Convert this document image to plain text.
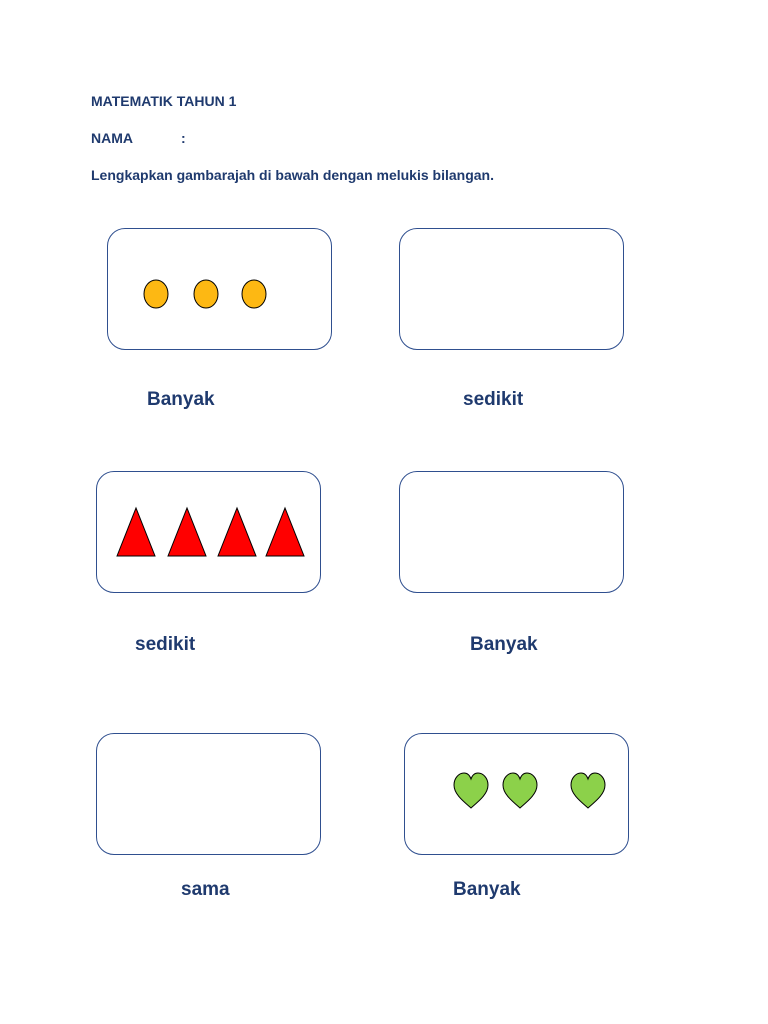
MATEMATIK TAHUN 1
NAMA	:
Lengkapkan gambarajah di bawah dengan melukis bilangan.
Banyak	sedikit
sedikit	Banyak
sama	Banyak
